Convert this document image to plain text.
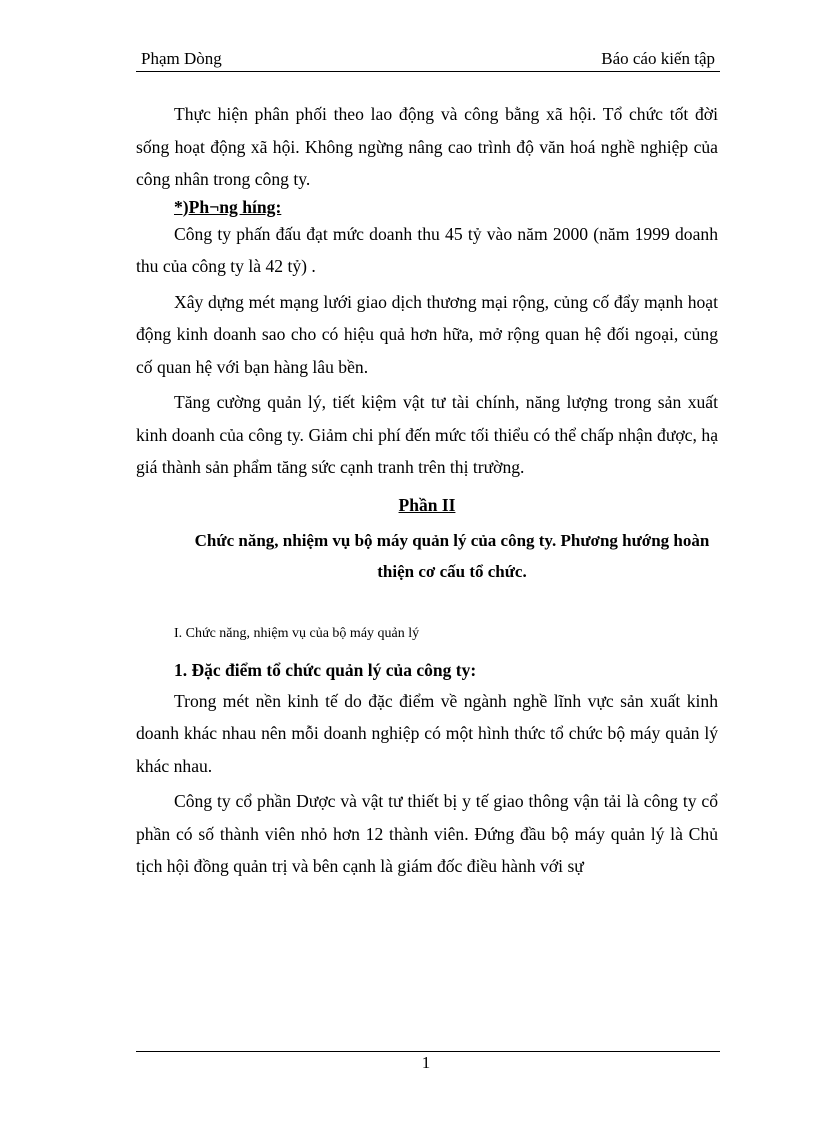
Phạm Dòng	Báo cáo kiến tập

Thực hiện phân phối theo lao động và công bằng xã hội. Tổ chức tốt đời sống hoạt động xã hội. Không ngừng nâng cao trình độ văn hoá nghề nghiệp của công nhân trong công ty.

*)Ph¬ng híng:

Công ty phấn đấu đạt mức doanh thu 45 tỷ vào năm 2000 (năm 1999 doanh thu của công ty là 42 tỷ) .

Xây dựng mét mạng lưới giao dịch thương mại rộng, củng cố đẩy mạnh hoạt động kinh doanh sao cho có hiệu quả hơn hữa, mở rộng quan hệ đối ngoại, củng cố quan hệ với bạn hàng lâu bền.

Tăng cường quản lý, tiết kiệm vật tư tài chính, năng lượng trong sản xuất kinh doanh của công ty. Giảm chi phí đến mức tối thiểu có thể chấp nhận được, hạ giá thành sản phẩm tăng sức cạnh tranh trên thị trường.

Phần II
Chức năng, nhiệm vụ bộ máy quản lý của công ty. Phương hướng hoàn thiện cơ cấu tổ chức.
I. Chức năng, nhiệm vụ của bộ máy quản lý
1. Đặc điểm tổ chức quản lý của công ty:

Trong mét nền kinh tế do đặc điểm về ngành nghề lĩnh vực sản xuất kinh doanh khác nhau nên mỗi doanh nghiệp có một hình thức tổ chức bộ máy quản lý khác nhau.

Công ty cổ phần Dược và vật tư thiết bị y tế giao thông vận tải là công ty cổ phần có số thành viên nhỏ hơn 12 thành viên. Đứng đầu bộ máy quản lý là Chủ tịch hội đồng quản trị và bên cạnh là giám đốc điều hành với sự

1
